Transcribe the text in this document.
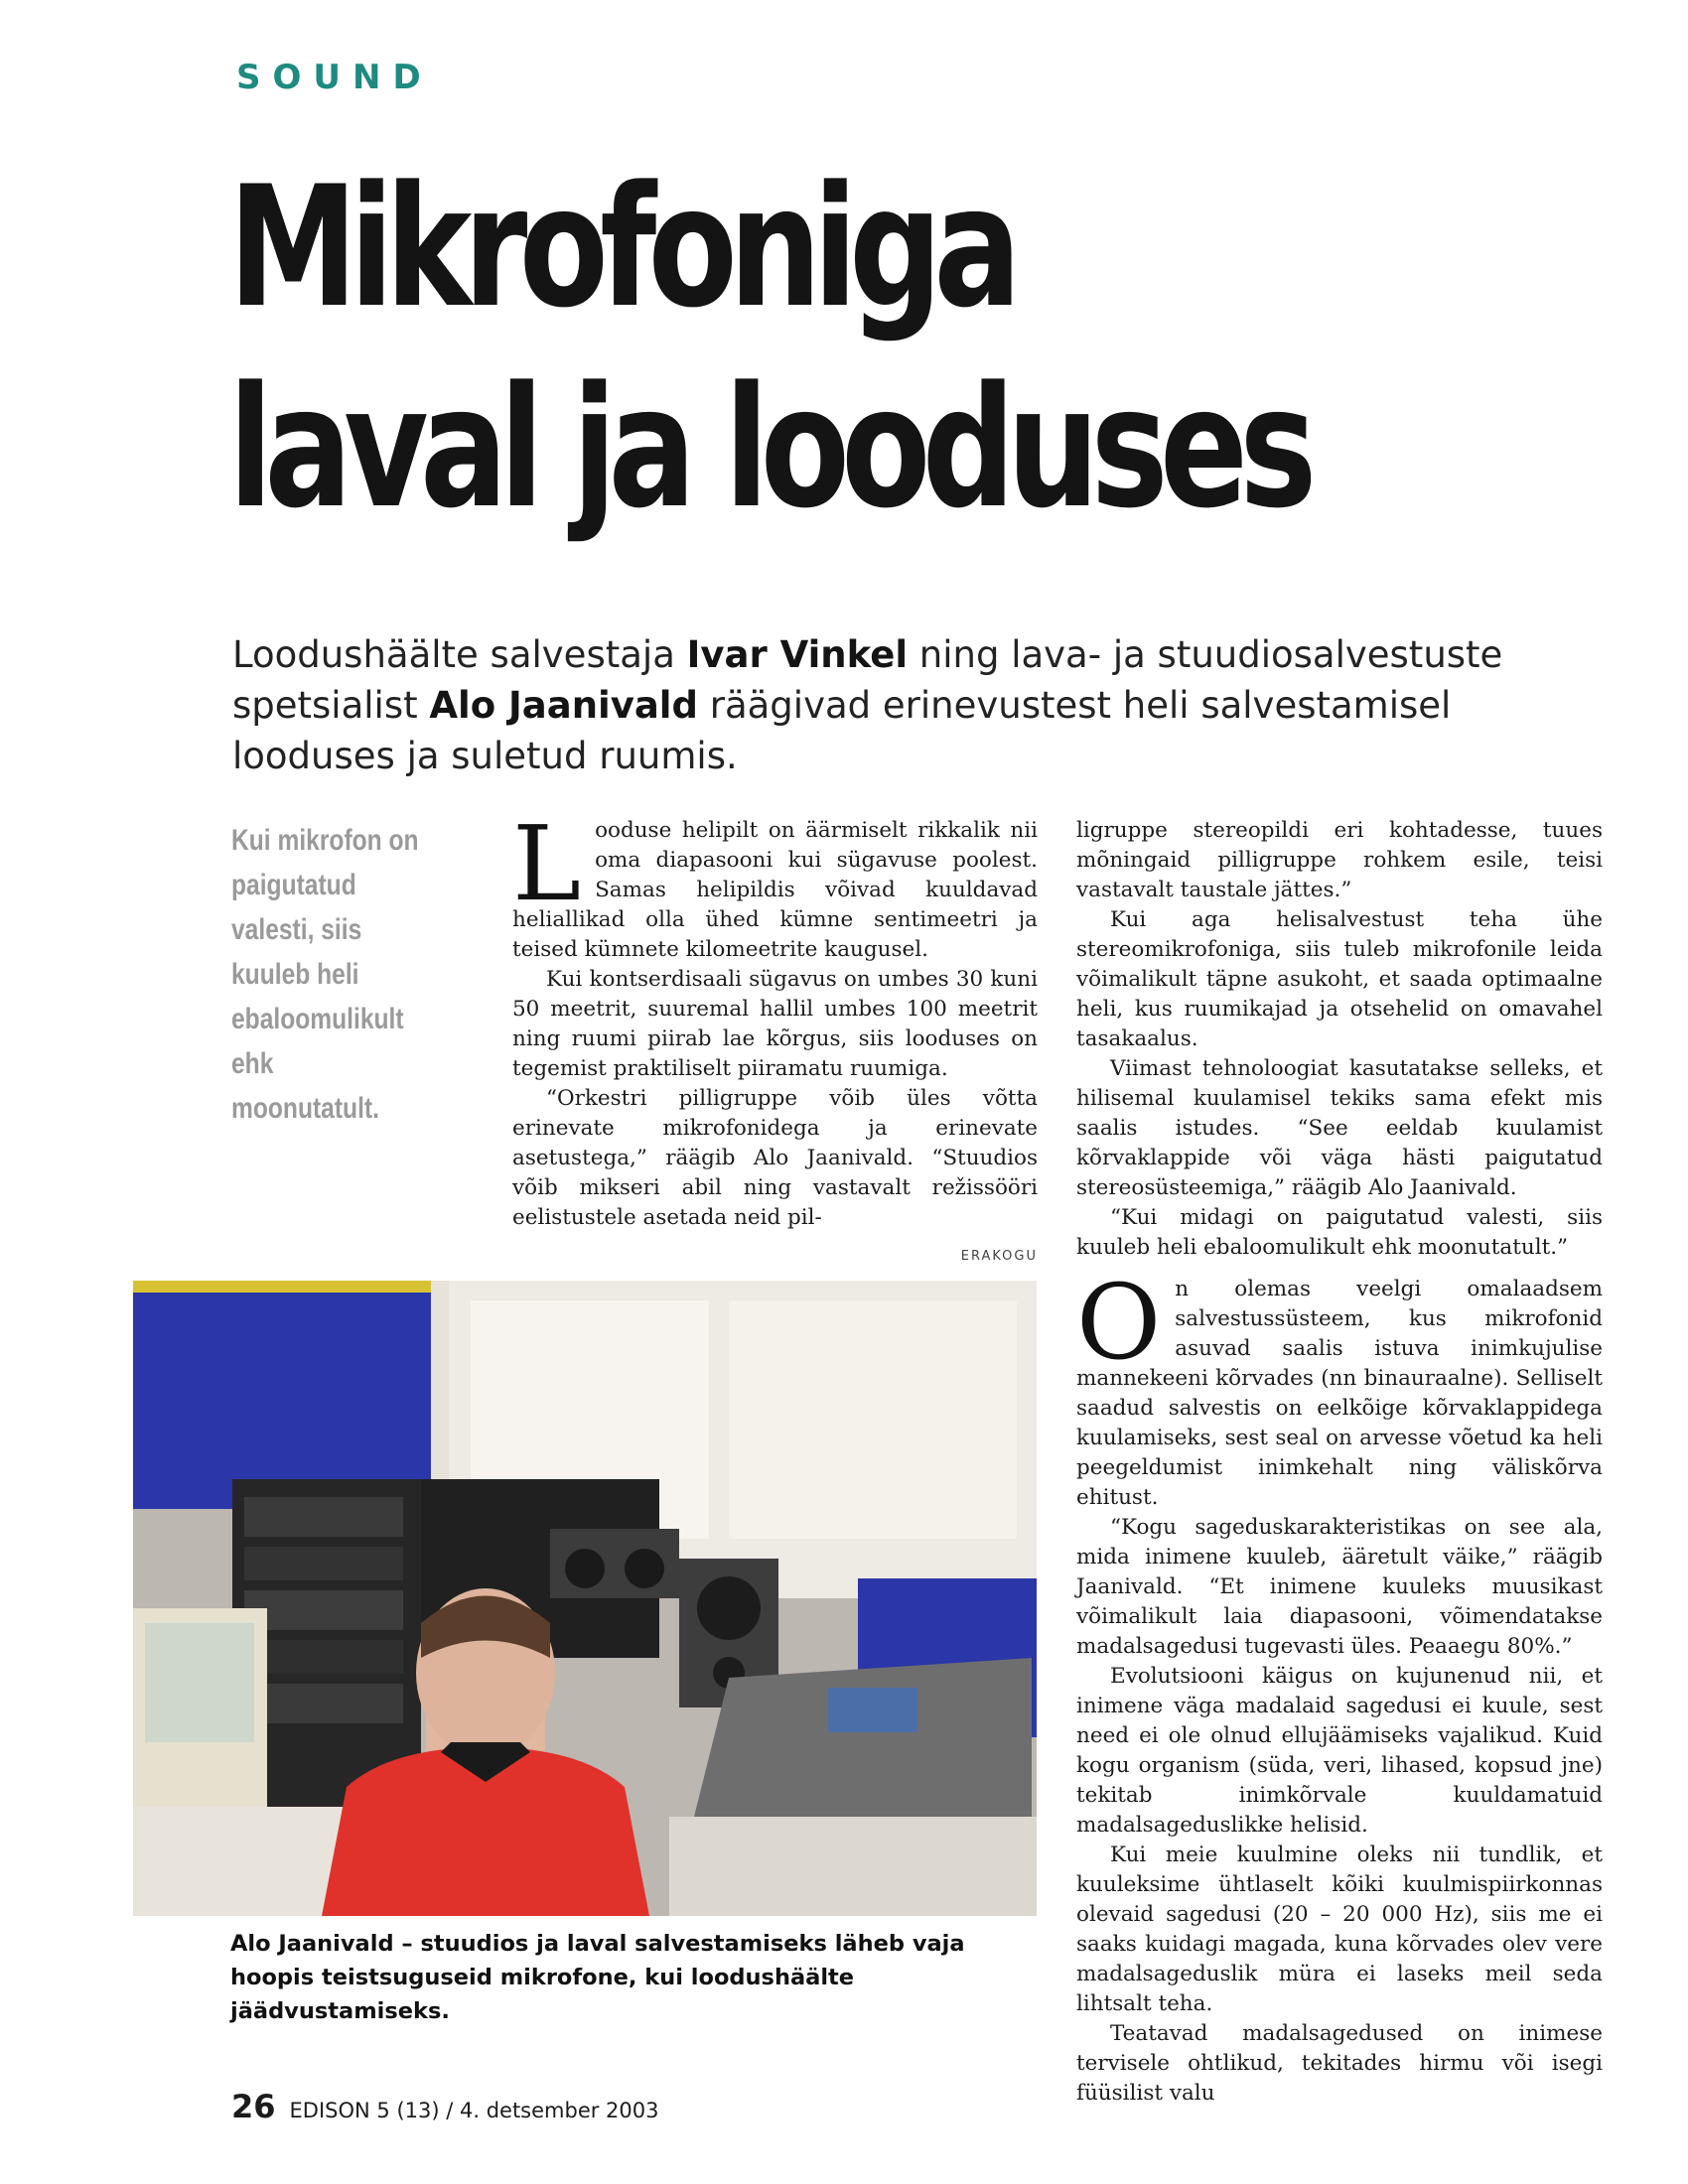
SOUND
Mikrofoniga
laval ja looduses
Loodushäälte salvestaja Ivar Vinkel ning lava- ja stuudiosalvestuste spetsialist Alo Jaanivald räägivad erinevustest heli salvestamisel looduses ja suletud ruumis.
Kui mikrofon on paigutatud valesti, siis kuuleb heli ebaloomulikult ehk moonutatult.

Looduse helipilt on äärmiselt rikkalik nii oma diapasooni kui sügavuse poolest. Samas helipildis võivad kuuldavad heliallikad olla ühed kümne sentimeetri ja teised kümnete kilomeetrite kaugusel.

Kui kontserdisaali sügavus on umbes 30 kuni 50 meetrit, suuremal hallil umbes 100 meetrit ning ruumi piirab lae kõrgus, siis looduses on tegemist praktiliselt piiramatu ruumiga.

“Orkestri pilligruppe võib üles võtta erinevate mikrofonidega ja erinevate asetustega,” räägib Alo Jaanivald. “Stuudios võib mikseri abil ning vastavalt režissööri eelistustele asetada neid pil-

ligruppe stereopildi eri kohtadesse, tuues mõningaid pilligruppe rohkem esile, teisi vastavalt taustale jättes.”

Kui aga helisalvestust teha ühe stereomikrofoniga, siis tuleb mikrofonile leida võimalikult täpne asukoht, et saada optimaalne heli, kus ruumikajad ja otsehelid on omavahel tasakaalus.

Viimast tehnoloogiat kasutatakse selleks, et hilisemal kuulamisel tekiks sama efekt mis saalis istudes. “See eeldab kuulamist kõrvaklappide või väga hästi paigutatud stereosüsteemiga,” räägib Alo Jaanivald.

“Kui midagi on paigutatud valesti, siis kuuleb heli ebaloomulikult ehk moonutatult.”

On olemas veelgi omalaadsem salvestussüsteem, kus mikrofonid asuvad saalis istuva inimkujulise mannekeeni kõrvades (nn binauraalne). Selliselt saadud salvestis on eelkõige kõrvaklappidega kuulamiseks, sest seal on arvesse võetud ka heli peegeldumist inimkehalt ning väliskõrva ehitust.

“Kogu sageduskarakteristikas on see ala, mida inimene kuuleb, ääretult väike,” räägib Jaanivald. “Et inimene kuuleks muusikast võimalikult laia diapasooni, võimendatakse madalsagedusi tugevasti üles. Peaaegu 80%.”

Evolutsiooni käigus on kujunenud nii, et inimene väga madalaid sagedusi ei kuule, sest need ei ole olnud ellujäämiseks vajalikud. Kuid kogu organism (süda, veri, lihased, kopsud jne) tekitab inimkõrvale kuuldamatuid madalsageduslikke helisid.

Kui meie kuulmine oleks nii tundlik, et kuuleksime ühtlaselt kõiki kuulmispiirkonnas olevaid sagedusi (20 – 20 000 Hz), siis me ei saaks kuidagi magada, kuna kõrvades olev vere madalsageduslik müra ei laseks meil seda lihtsalt teha.

Teatavad madalsagedused on inimese tervisele ohtlikud, tekitades hirmu või isegi füüsilist valu

ERAKOGU
Alo Jaanivald – stuudios ja laval salvestamiseks läheb vaja hoopis teistsuguseid mikrofone, kui loodushäälte jäädvustamiseks.
26 EDISON 5 (13) / 4. detsember 2003
